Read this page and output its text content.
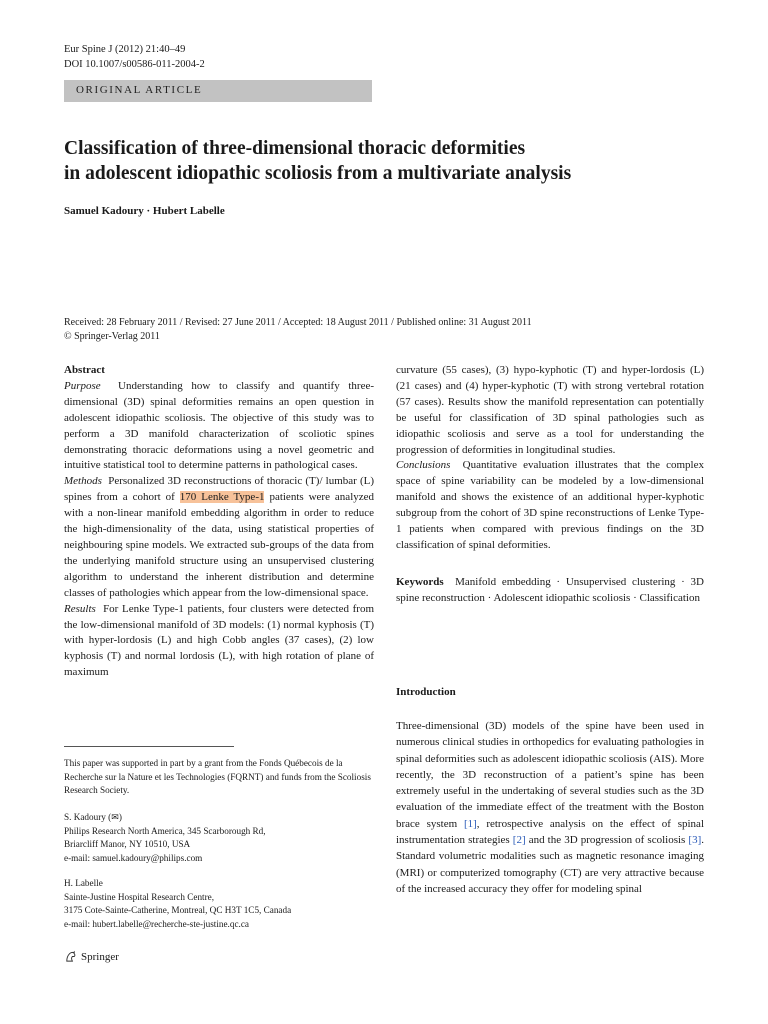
Eur Spine J (2012) 21:40–49
DOI 10.1007/s00586-011-2004-2
ORIGINAL ARTICLE
Classification of three-dimensional thoracic deformities
in adolescent idiopathic scoliosis from a multivariate analysis
Samuel Kadoury · Hubert Labelle
Received: 28 February 2011 / Revised: 27 June 2011 / Accepted: 18 August 2011 / Published online: 31 August 2011
© Springer-Verlag 2011

Abstract

Purpose Understanding how to classify and quantify three-dimensional (3D) spinal deformities remains an open question in adolescent idiopathic scoliosis. The objective of this study was to perform a 3D manifold characterization of scoliotic spines demonstrating thoracic deformations using a novel geometric and intuitive statistical tool to determine patterns in pathological cases.

Methods Personalized 3D reconstructions of thoracic (T)/ lumbar (L) spines from a cohort of 170 Lenke Type-1 patients were analyzed with a non-linear manifold embedding algorithm in order to reduce the high-dimensionality of the data, using statistical properties of neighbouring spine models. We extracted sub-groups of the data from the underlying manifold structure using an unsupervised clustering algorithm to understand the inherent distribution and determine classes of pathologies which appear from the low-dimensional space.

Results For Lenke Type-1 patients, four clusters were detected from the low-dimensional manifold of 3D models: (1) normal kyphosis (T) with hyper-lordosis (L) and high Cobb angles (37 cases), (2) low kyphosis (T) and normal lordosis (L), with high rotation of plane of maximum

curvature (55 cases), (3) hypo-kyphotic (T) and hyper-lordosis (L) (21 cases) and (4) hyper-kyphotic (T) with strong vertebral rotation (57 cases). Results show the manifold representation can potentially be useful for classification of 3D spinal pathologies such as idiopathic scoliosis and serve as a tool for understanding the progression of deformities in longitudinal studies.

Conclusions Quantitative evaluation illustrates that the complex space of spine variability can be modeled by a low-dimensional manifold and shows the existence of an additional hyper-kyphotic subgroup from the cohort of 3D spine reconstructions of Lenke Type-1 patients when compared with previous findings on the 3D classification of spinal deformities.

Keywords Manifold embedding · Unsupervised clustering · 3D spine reconstruction · Adolescent idiopathic scoliosis · Classification

Introduction
Three-dimensional (3D) models of the spine have been used in numerous clinical studies in orthopedics for evaluating pathologies in spinal deformities such as adolescent idiopathic scoliosis (AIS). More recently, the 3D reconstruction of a patient’s spine has been extremely useful in the undertaking of several studies such as the 3D evaluation of the immediate effect of the treatment with the Boston brace system [1], retrospective analysis on the effect of spinal instrumentation strategies [2] and the 3D progression of scoliosis [3]. Standard volumetric modalities such as magnetic resonance imaging (MRI) or computerized tomography (CT) are very attractive because of the increased accuracy they offer for modeling spinal
This paper was supported in part by a grant from the Fonds Québecois de la Recherche sur la Nature et les Technologies (FQRNT) and funds from the Scoliosis Research Society.
S. Kadoury (✉)
Philips Research North America, 345 Scarborough Rd,
Briarcliff Manor, NY 10510, USA
e-mail: samuel.kadoury@philips.com
H. Labelle
Sainte-Justine Hospital Research Centre,
3175 Cote-Sainte-Catherine, Montreal, QC H3T 1C5, Canada
e-mail: hubert.labelle@recherche-ste-justine.qc.ca
Springer
